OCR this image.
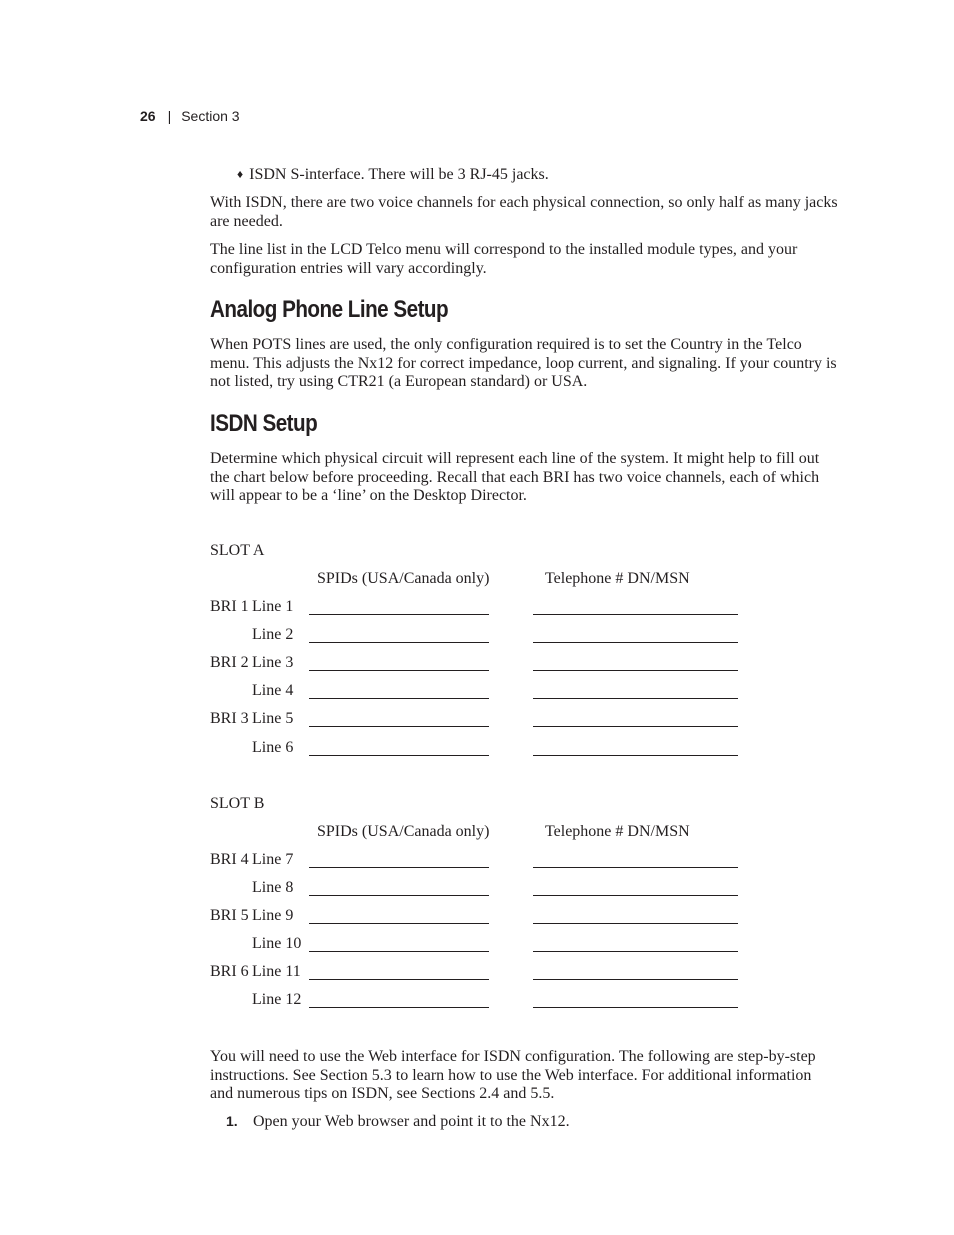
26 | Section 3
♦ ISDN S-interface. There will be 3 RJ-45 jacks.

With ISDN, there are two voice channels for each physical connection, so only half as many jacks are needed.

The line list in the LCD Telco menu will correspond to the installed module types, and your configuration entries will vary accordingly.

Analog Phone Line Setup

When POTS lines are used, the only configuration required is to set the Country in the Telco menu. This adjusts the Nx12 for correct impedance, loop current, and signaling. If your country is not listed, try using CTR21 (a European standard) or USA.

ISDN Setup

Determine which physical circuit will represent each line of the system. It might help to fill out the chart below before proceeding. Recall that each BRI has two voice channels, each of which will appear to be a ‘line’ on the Desktop Director.

SLOT A
SPIDs (USA/Canada only)	Telephone # DN/MSN
BRI 1 Line 1
Line 2
BRI 2 Line 3
Line 4
BRI 3 Line 5
Line 6
SLOT B
SPIDs (USA/Canada only)	Telephone # DN/MSN
BRI 4 Line 7
Line 8
BRI 5 Line 9
Line 10
BRI 6 Line 11
Line 12

You will need to use the Web interface for ISDN configuration. The following are step-by-step instructions. See Section 5.3 to learn how to use the Web interface. For additional information and numerous tips on ISDN, see Sections 2.4 and 5.5.

1. Open your Web browser and point it to the Nx12.
